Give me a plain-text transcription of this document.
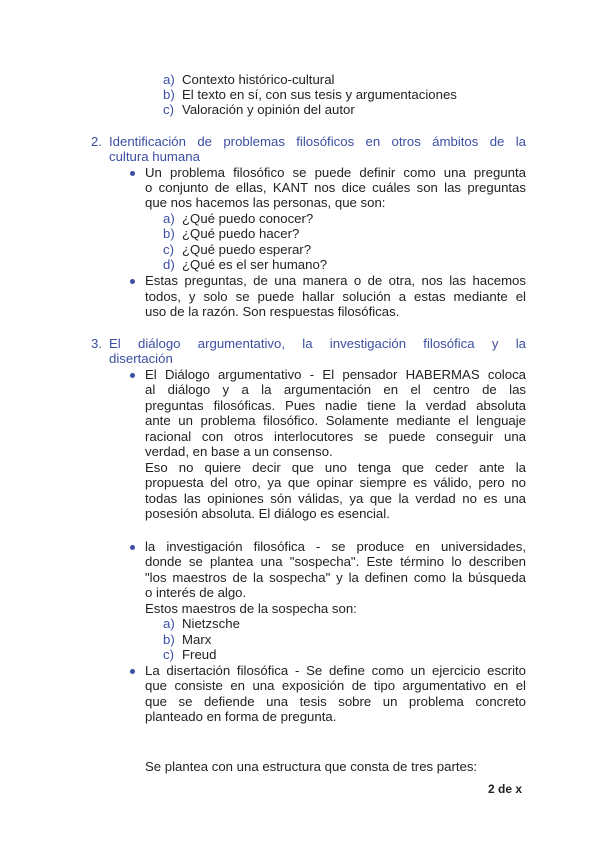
a) Contexto histórico-cultural
b) El texto en sí, con sus tesis y argumentaciones
c) Valoración y opinión del autor
2. Identificación de problemas filosóficos en otros ámbitos de la
cultura humana
Un problema filosófico se puede definir como una pregunta
o conjunto de ellas, KANT nos dice cuáles son las preguntas
que nos hacemos las personas, que son:
a) ¿Qué puedo conocer?
b) ¿Qué puedo hacer?
c) ¿Qué puedo esperar?
d) ¿Qué es el ser humano?
Estas preguntas, de una manera o de otra, nos las hacemos
todos, y solo se puede hallar solución a estas mediante el
uso de la razón. Son respuestas filosóficas.
3. El diálogo argumentativo, la investigación filosófica y la
disertación
El Diálogo argumentativo - El pensador HABERMAS coloca
al diálogo y a la argumentación en el centro de las
preguntas filosóficas. Pues nadie tiene la verdad absoluta
ante un problema filosófico. Solamente mediante el lenguaje
racional con otros interlocutores se puede conseguir una
verdad, en base a un consenso.
Eso no quiere decir que uno tenga que ceder ante la
propuesta del otro, ya que opinar siempre es válido, pero no
todas las opiniones són válidas, ya que la verdad no es una
posesión absoluta. El diálogo es esencial.
la investigación filosófica - se produce en universidades,
donde se plantea una "sospecha". Este término lo describen
"los maestros de la sospecha" y la definen como la búsqueda
o interés de algo.
Estos maestros de la sospecha son:
a) Nietzsche
b) Marx
c) Freud
La disertación filosófica - Se define como un ejercicio escrito
que consiste en una exposición de tipo argumentativo en el
que se defiende una tesis sobre un problema concreto
planteado en forma de pregunta.
Se plantea con una estructura que consta de tres partes:
2 de x
